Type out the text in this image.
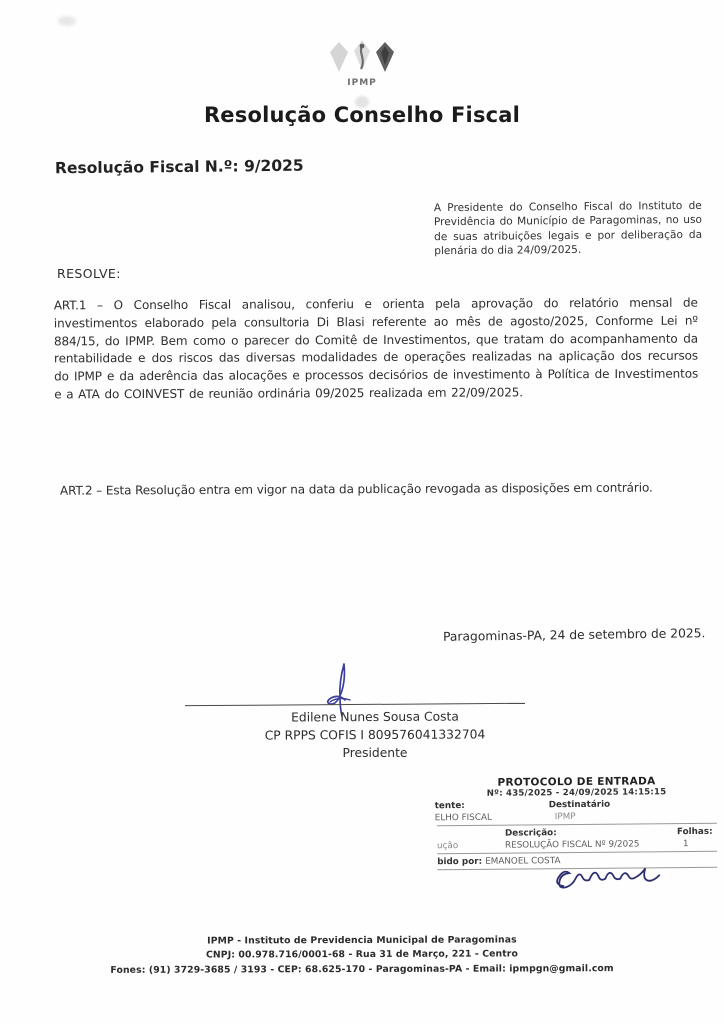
IPMP
Resolução Conselho Fiscal
Resolução Fiscal N.º: 9/2025
A Presidente do Conselho Fiscal do Instituto de Previdência do Município de Paragominas, no uso de suas atribuições legais e por deliberação da plenária do dia 24/09/2025.
RESOLVE:
ART.1 – O Conselho Fiscal analisou, conferiu e orienta pela aprovação do relatório mensal de investimentos elaborado pela consultoria Di Blasi referente ao mês de agosto/2025, Conforme Lei nº 884/15, do IPMP. Bem como o parecer do Comitê de Investimentos, que tratam do acompanhamento da rentabilidade e dos riscos das diversas modalidades de operações realizadas na aplicação dos recursos do IPMP e da aderência das alocações e processos decisórios de investimento à Política de Investimentos e a ATA do COINVEST de reunião ordinária 09/2025 realizada em 22/09/2025.
ART.2 – Esta Resolução entra em vigor na data da publicação revogada as disposições em contrário.
Paragominas-PA, 24 de setembro de 2025.
Edilene Nunes Sousa Costa
CP RPPS COFIS I 809576041332704
Presidente
PROTOCOLO DE ENTRADA
Nº: 435/2025 - 24/09/2025 14:15:15
tente:	Destinatário
ELHO FISCAL	IPMP
Descrição:	Folhas:
ução	RESOLUÇÃO FISCAL Nº 9/2025	1
bido por: EMANOEL COSTA
IPMP - Instituto de Previdencia Municipal de Paragominas
CNPJ: 00.978.716/0001-68 - Rua 31 de Março, 221 - Centro
Fones: (91) 3729-3685 / 3193 - CEP: 68.625-170 - Paragominas-PA - Email: ipmpgn@gmail.com
